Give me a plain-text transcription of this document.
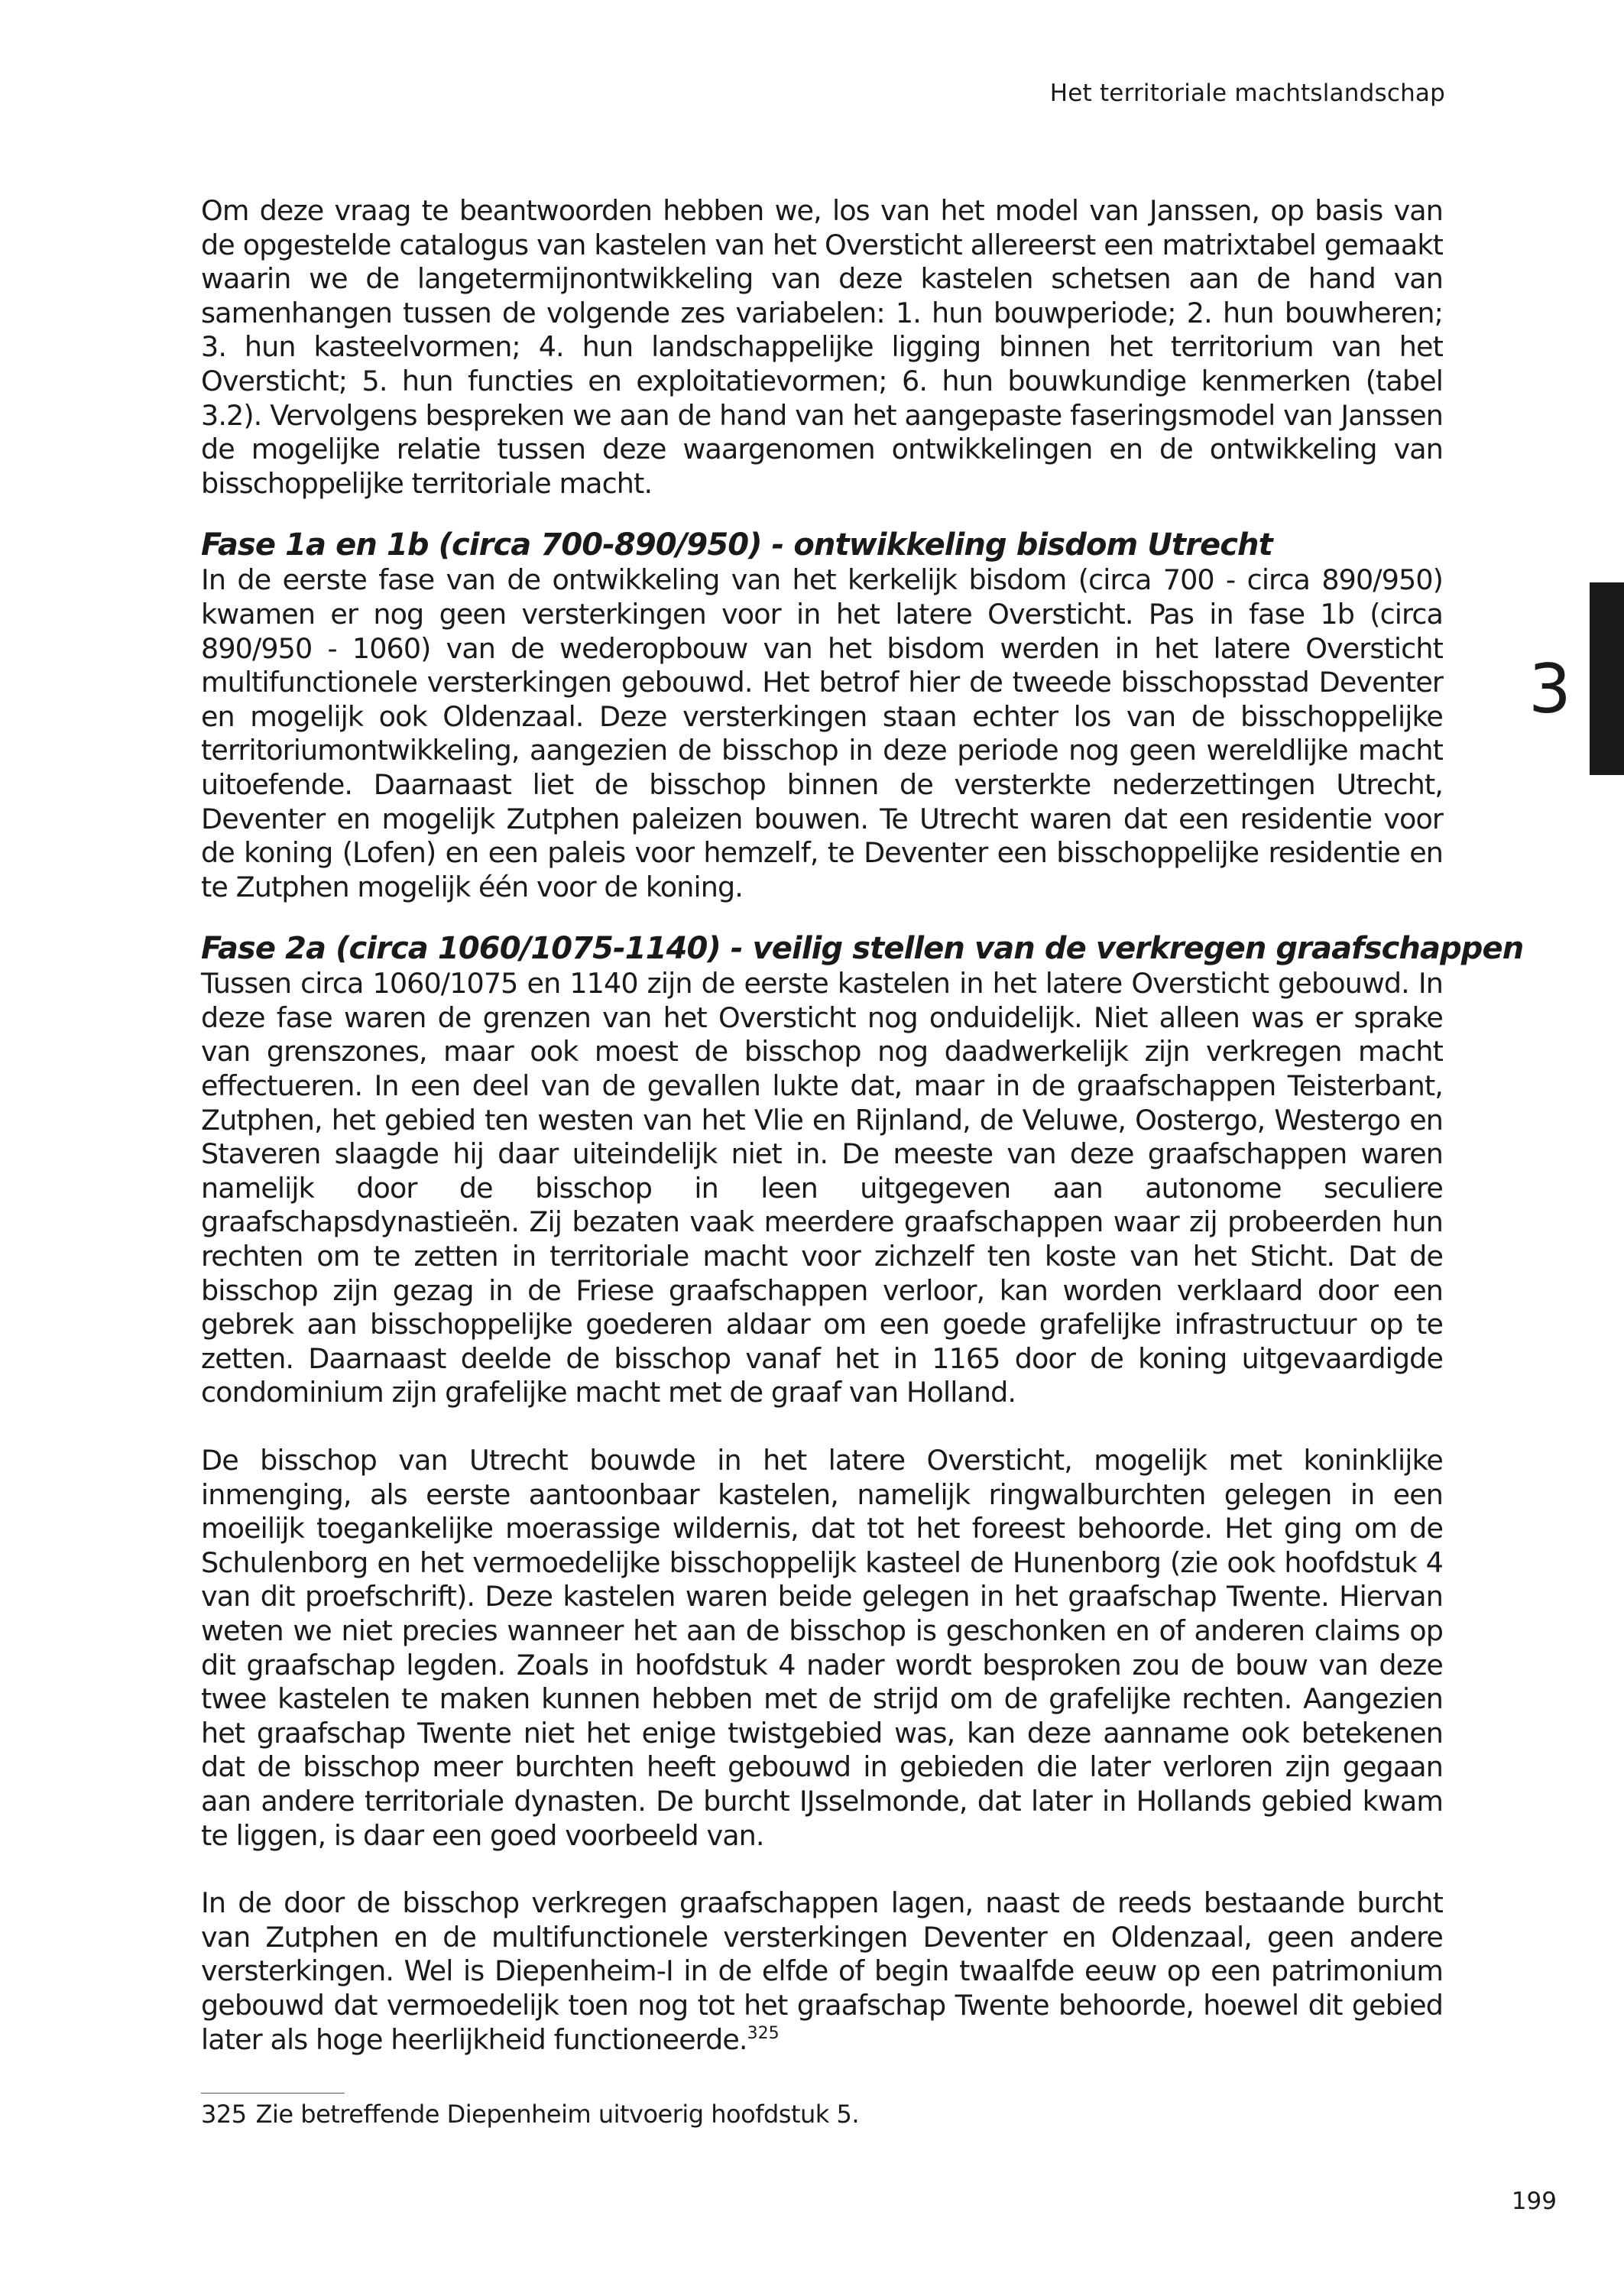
Het territoriale machtslandschap
3

Om deze vraag te beantwoorden hebben we, los van het model van Janssen, op basis van de opgestelde catalogus van kastelen van het Oversticht allereerst een matrixtabel gemaakt waarin we de langetermijnontwikkeling van deze kastelen schetsen aan de hand van samenhangen tussen de volgende zes variabelen: 1. hun bouwperiode; 2. hun bouwheren; 3. hun kasteelvormen; 4. hun landschappelijke ligging binnen het territorium van het Oversticht; 5. hun functies en exploitatievormen; 6. hun bouwkundige kenmerken (tabel 3.2). Vervolgens bespreken we aan de hand van het aangepaste faseringsmodel van Janssen de mogelijke relatie tussen deze waargenomen ontwikkelingen en de ontwikkeling van bisschoppelijke territoriale macht.

Fase 1a en 1b (circa 700-890/950) - ontwikkeling bisdom Utrecht

In de eerste fase van de ontwikkeling van het kerkelijk bisdom (circa 700 - circa 890/950) kwamen er nog geen versterkingen voor in het latere Oversticht. Pas in fase 1b (circa 890/950 - 1060) van de wederopbouw van het bisdom werden in het latere Oversticht multifunctionele versterkingen gebouwd. Het betrof hier de tweede bisschopsstad Deventer en mogelijk ook Oldenzaal. Deze versterkingen staan echter los van de bisschoppelijke territoriumontwikkeling, aangezien de bisschop in deze periode nog geen wereldlijke macht uitoefende. Daarnaast liet de bisschop binnen de versterkte nederzettingen Utrecht, Deventer en mogelijk Zutphen paleizen bouwen. Te Utrecht waren dat een residentie voor de koning (Lofen) en een paleis voor hemzelf, te Deventer een bisschoppelijke residentie en te Zutphen mogelijk één voor de koning.

Fase 2a (circa 1060/1075-1140) - veilig stellen van de verkregen graafschappen

Tussen circa 1060/1075 en 1140 zijn de eerste kastelen in het latere Oversticht gebouwd. In deze fase waren de grenzen van het Oversticht nog onduidelijk. Niet alleen was er sprake van grenszones, maar ook moest de bisschop nog daadwerkelijk zijn verkregen macht effectueren. In een deel van de gevallen lukte dat, maar in de graafschappen Teisterbant, Zutphen, het gebied ten westen van het Vlie en Rijnland, de Veluwe, Oostergo, Westergo en Staveren slaagde hij daar uiteindelijk niet in. De meeste van deze graafschappen waren namelijk door de bisschop in leen uitgegeven aan autonome seculiere graafschapsdynastieën. Zij bezaten vaak meerdere graafschappen waar zij probeerden hun rechten om te zetten in territoriale macht voor zichzelf ten koste van het Sticht. Dat de bisschop zijn gezag in de Friese graafschappen verloor, kan worden verklaard door een gebrek aan bisschoppelijke goederen aldaar om een goede grafelijke infrastructuur op te zetten. Daarnaast deelde de bisschop vanaf het in 1165 door de koning uitgevaardigde condominium zijn grafelijke macht met de graaf van Holland.

De bisschop van Utrecht bouwde in het latere Oversticht, mogelijk met koninklijke inmenging, als eerste aantoonbaar kastelen, namelijk ringwalburchten gelegen in een moeilijk toegankelijke moerassige wildernis, dat tot het foreest behoorde. Het ging om de Schulenborg en het vermoedelijke bisschoppelijk kasteel de Hunenborg (zie ook hoofdstuk 4 van dit proefschrift). Deze kastelen waren beide gelegen in het graafschap Twente. Hiervan weten we niet precies wanneer het aan de bisschop is geschonken en of anderen claims op dit graafschap legden. Zoals in hoofdstuk 4 nader wordt besproken zou de bouw van deze twee kastelen te maken kunnen hebben met de strijd om de grafelijke rechten. Aangezien het graafschap Twente niet het enige twistgebied was, kan deze aanname ook betekenen dat de bisschop meer burchten heeft gebouwd in gebieden die later verloren zijn gegaan aan andere territoriale dynasten. De burcht IJsselmonde, dat later in Hollands gebied kwam te liggen, is daar een goed voorbeeld van.

In de door de bisschop verkregen graafschappen lagen, naast de reeds bestaande burcht van Zutphen en de multifunctionele versterkingen Deventer en Oldenzaal, geen andere versterkingen. Wel is Diepenheim-I in de elfde of begin twaalfde eeuw op een patrimonium gebouwd dat vermoedelijk toen nog tot het graafschap Twente behoorde, hoewel dit gebied later als hoge heerlijkheid functioneerde.$^{325}$

325 Zie betreffende Diepenheim uitvoerig hoofdstuk 5.
199
